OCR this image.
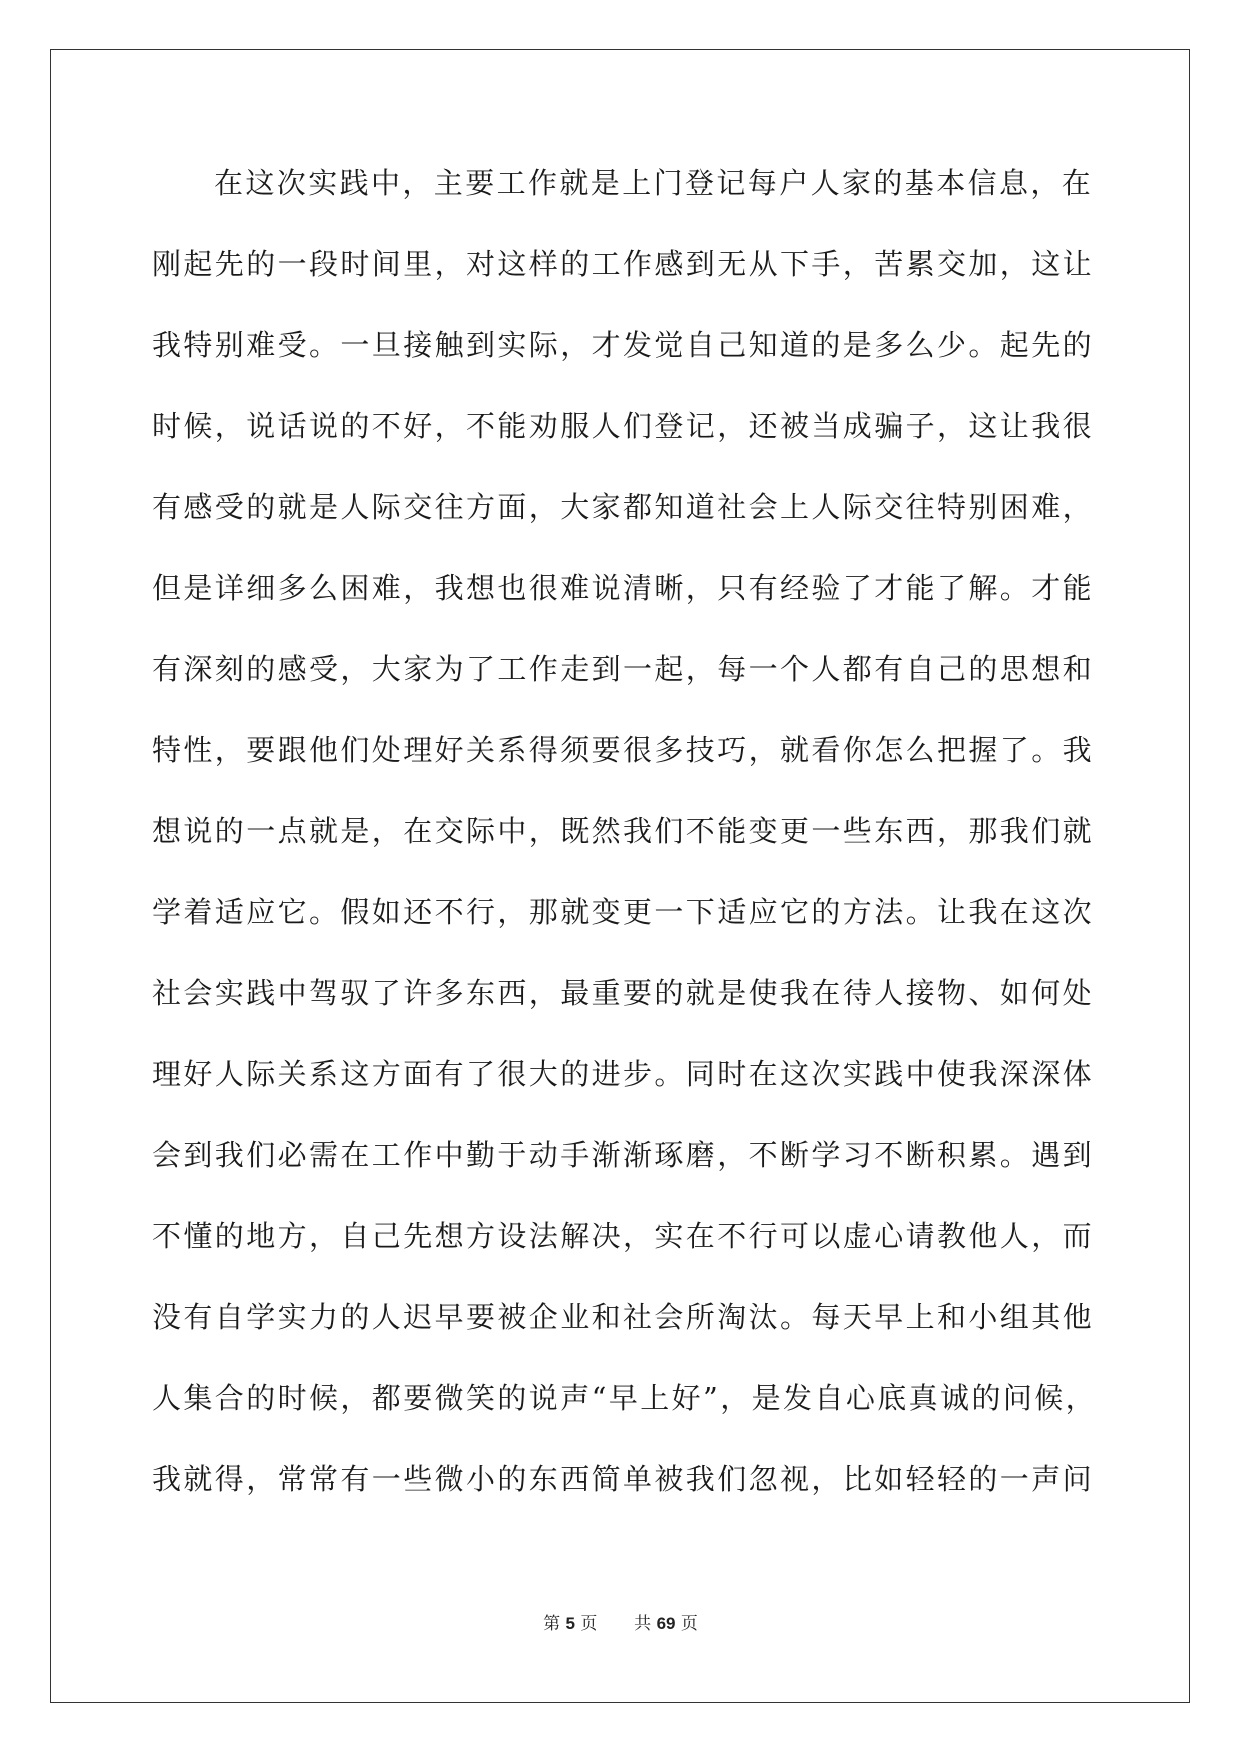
在这次实践中，主要工作就是上门登记每户人家的基本信息，在
刚起先的一段时间里，对这样的工作感到无从下手，苦累交加，这让
我特别难受。一旦接触到实际，才发觉自己知道的是多么少。起先的
时候，说话说的不好，不能劝服人们登记，还被当成骗子，这让我很
有感受的就是人际交往方面，大家都知道社会上人际交往特别困难，
但是详细多么困难，我想也很难说清晰，只有经验了才能了解。才能
有深刻的感受，大家为了工作走到一起，每一个人都有自己的思想和
特性，要跟他们处理好关系得须要很多技巧，就看你怎么把握了。我
想说的一点就是，在交际中，既然我们不能变更一些东西，那我们就
学着适应它。假如还不行，那就变更一下适应它的方法。让我在这次
社会实践中驾驭了许多东西，最重要的就是使我在待人接物、如何处
理好人际关系这方面有了很大的进步。同时在这次实践中使我深深体
会到我们必需在工作中勤于动手渐渐琢磨，不断学习不断积累。遇到
不懂的地方，自己先想方设法解决，实在不行可以虚心请教他人，而
没有自学实力的人迟早要被企业和社会所淘汰。每天早上和小组其他
人集合的时候，都要微笑的说声“早上好”，是发自心底真诚的问候，
我就得，常常有一些微小的东西简单被我们忽视，比如轻轻的一声问
第 5 页 共 69 页
